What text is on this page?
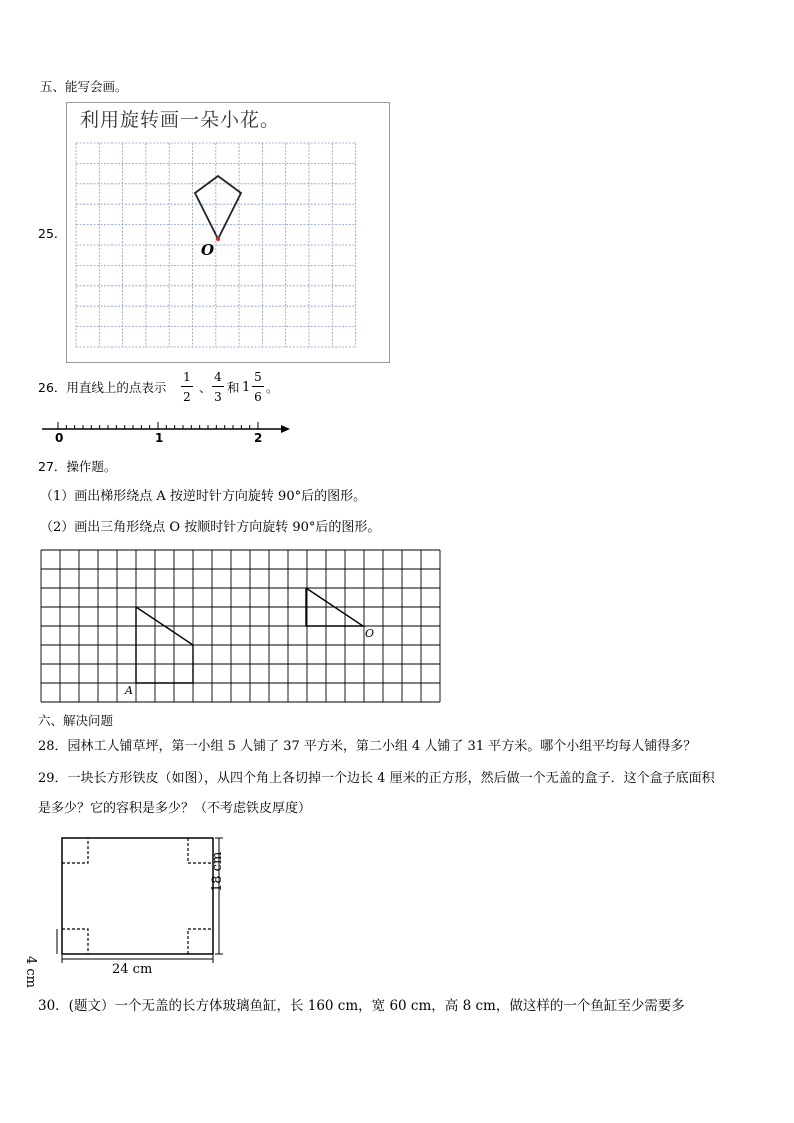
五、能写会画。
25.
利用旋转画一朵小花。
O
26．用直线上的点表示
1
2
、
4
3
和 1
5
6
。
0	1	2
27．操作题。
（1）画出梯形绕点 A 按逆时针方向旋转 90°后的图形。
（2）画出三角形绕点 O 按顺时针方向旋转 90°后的图形。
A
O
六、解决问题
28．园林工人铺草坪，第一小组 5 人铺了 37 平方米，第二小组 4 人铺了 31 平方米。哪个小组平均每人铺得多？
29．一块长方形铁皮（如图），从四个角上各切掉一个边长 4 厘米的正方形，然后做一个无盖的盒子．这个盒子底面积
是多少？它的容积是多少？（不考虑铁皮厚度）
18 cm
4 cm	24 cm
30．(题文）一个无盖的长方体玻璃鱼缸，长 160 cm，宽 60 cm，高 8 cm，做这样的一个鱼缸至少需要多
